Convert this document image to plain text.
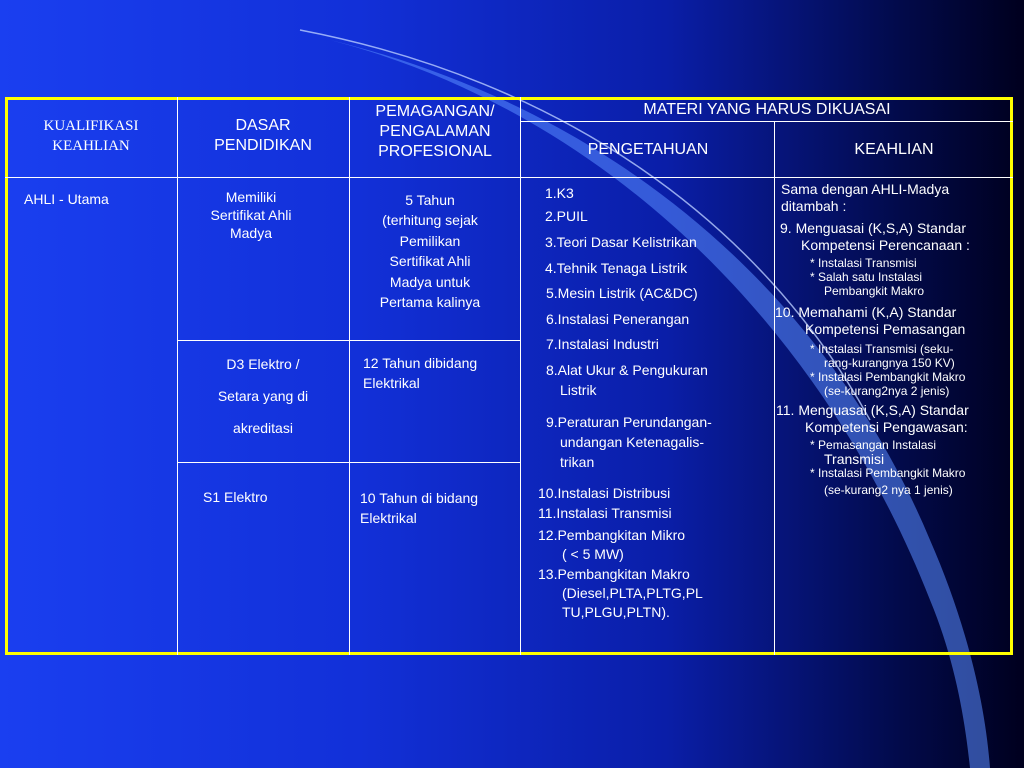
KUALIFIKASI
KEAHLIAN
DASAR
PENDIDIKAN
PEMAGANGAN/
PENGALAMAN
PROFESIONAL
MATERI YANG HARUS DIKUASAI
PENGETAHUAN	KEAHLIAN
AHLI - Utama	Memiliki
Sertifikat Ahli
Madya
D3 Elektro /
Setara yang di
akreditasi
S1 Elektro
5 Tahun
(terhitung sejak
Pemilikan
Sertifikat Ahli
Madya untuk
Pertama kalinya
12 Tahun dibidang
Elektrikal
10 Tahun di bidang
Elektrikal
1.K3
2.PUIL
3.Teori Dasar Kelistrikan
4.Tehnik Tenaga Listrik
5.Mesin Listrik (AC&DC)
6.Instalasi Penerangan
7.Instalasi Industri
8.Alat Ukur & Pengukuran
Listrik
9.Peraturan Perundangan-
undangan Ketenagalis-
trikan
10.Instalasi Distribusi
11.Instalasi Transmisi
12.Pembangkitan Mikro
( < 5 MW)
13.Pembangkitan Makro
(Diesel,PLTA,PLTG,PL
TU,PLGU,PLTN).
Sama dengan AHLI-Madya
ditambah :
9. Menguasai (K,S,A) Standar
Kompetensi Perencanaan :
* Instalasi Transmisi
* Salah satu Instalasi
Pembangkit Makro
10. Memahami (K,A) Standar
Kompetensi Pemasangan
* Instalasi Transmisi (seku-
rang-kurangnya 150 KV)
* Instalasi Pembangkit Makro
(se-kurang2nya 2 jenis)
11. Menguasai (K,S,A) Standar
Kompetensi Pengawasan:
* Pemasangan Instalasi
Transmisi
* Instalasi Pembangkit Makro
(se-kurang2 nya 1 jenis)
